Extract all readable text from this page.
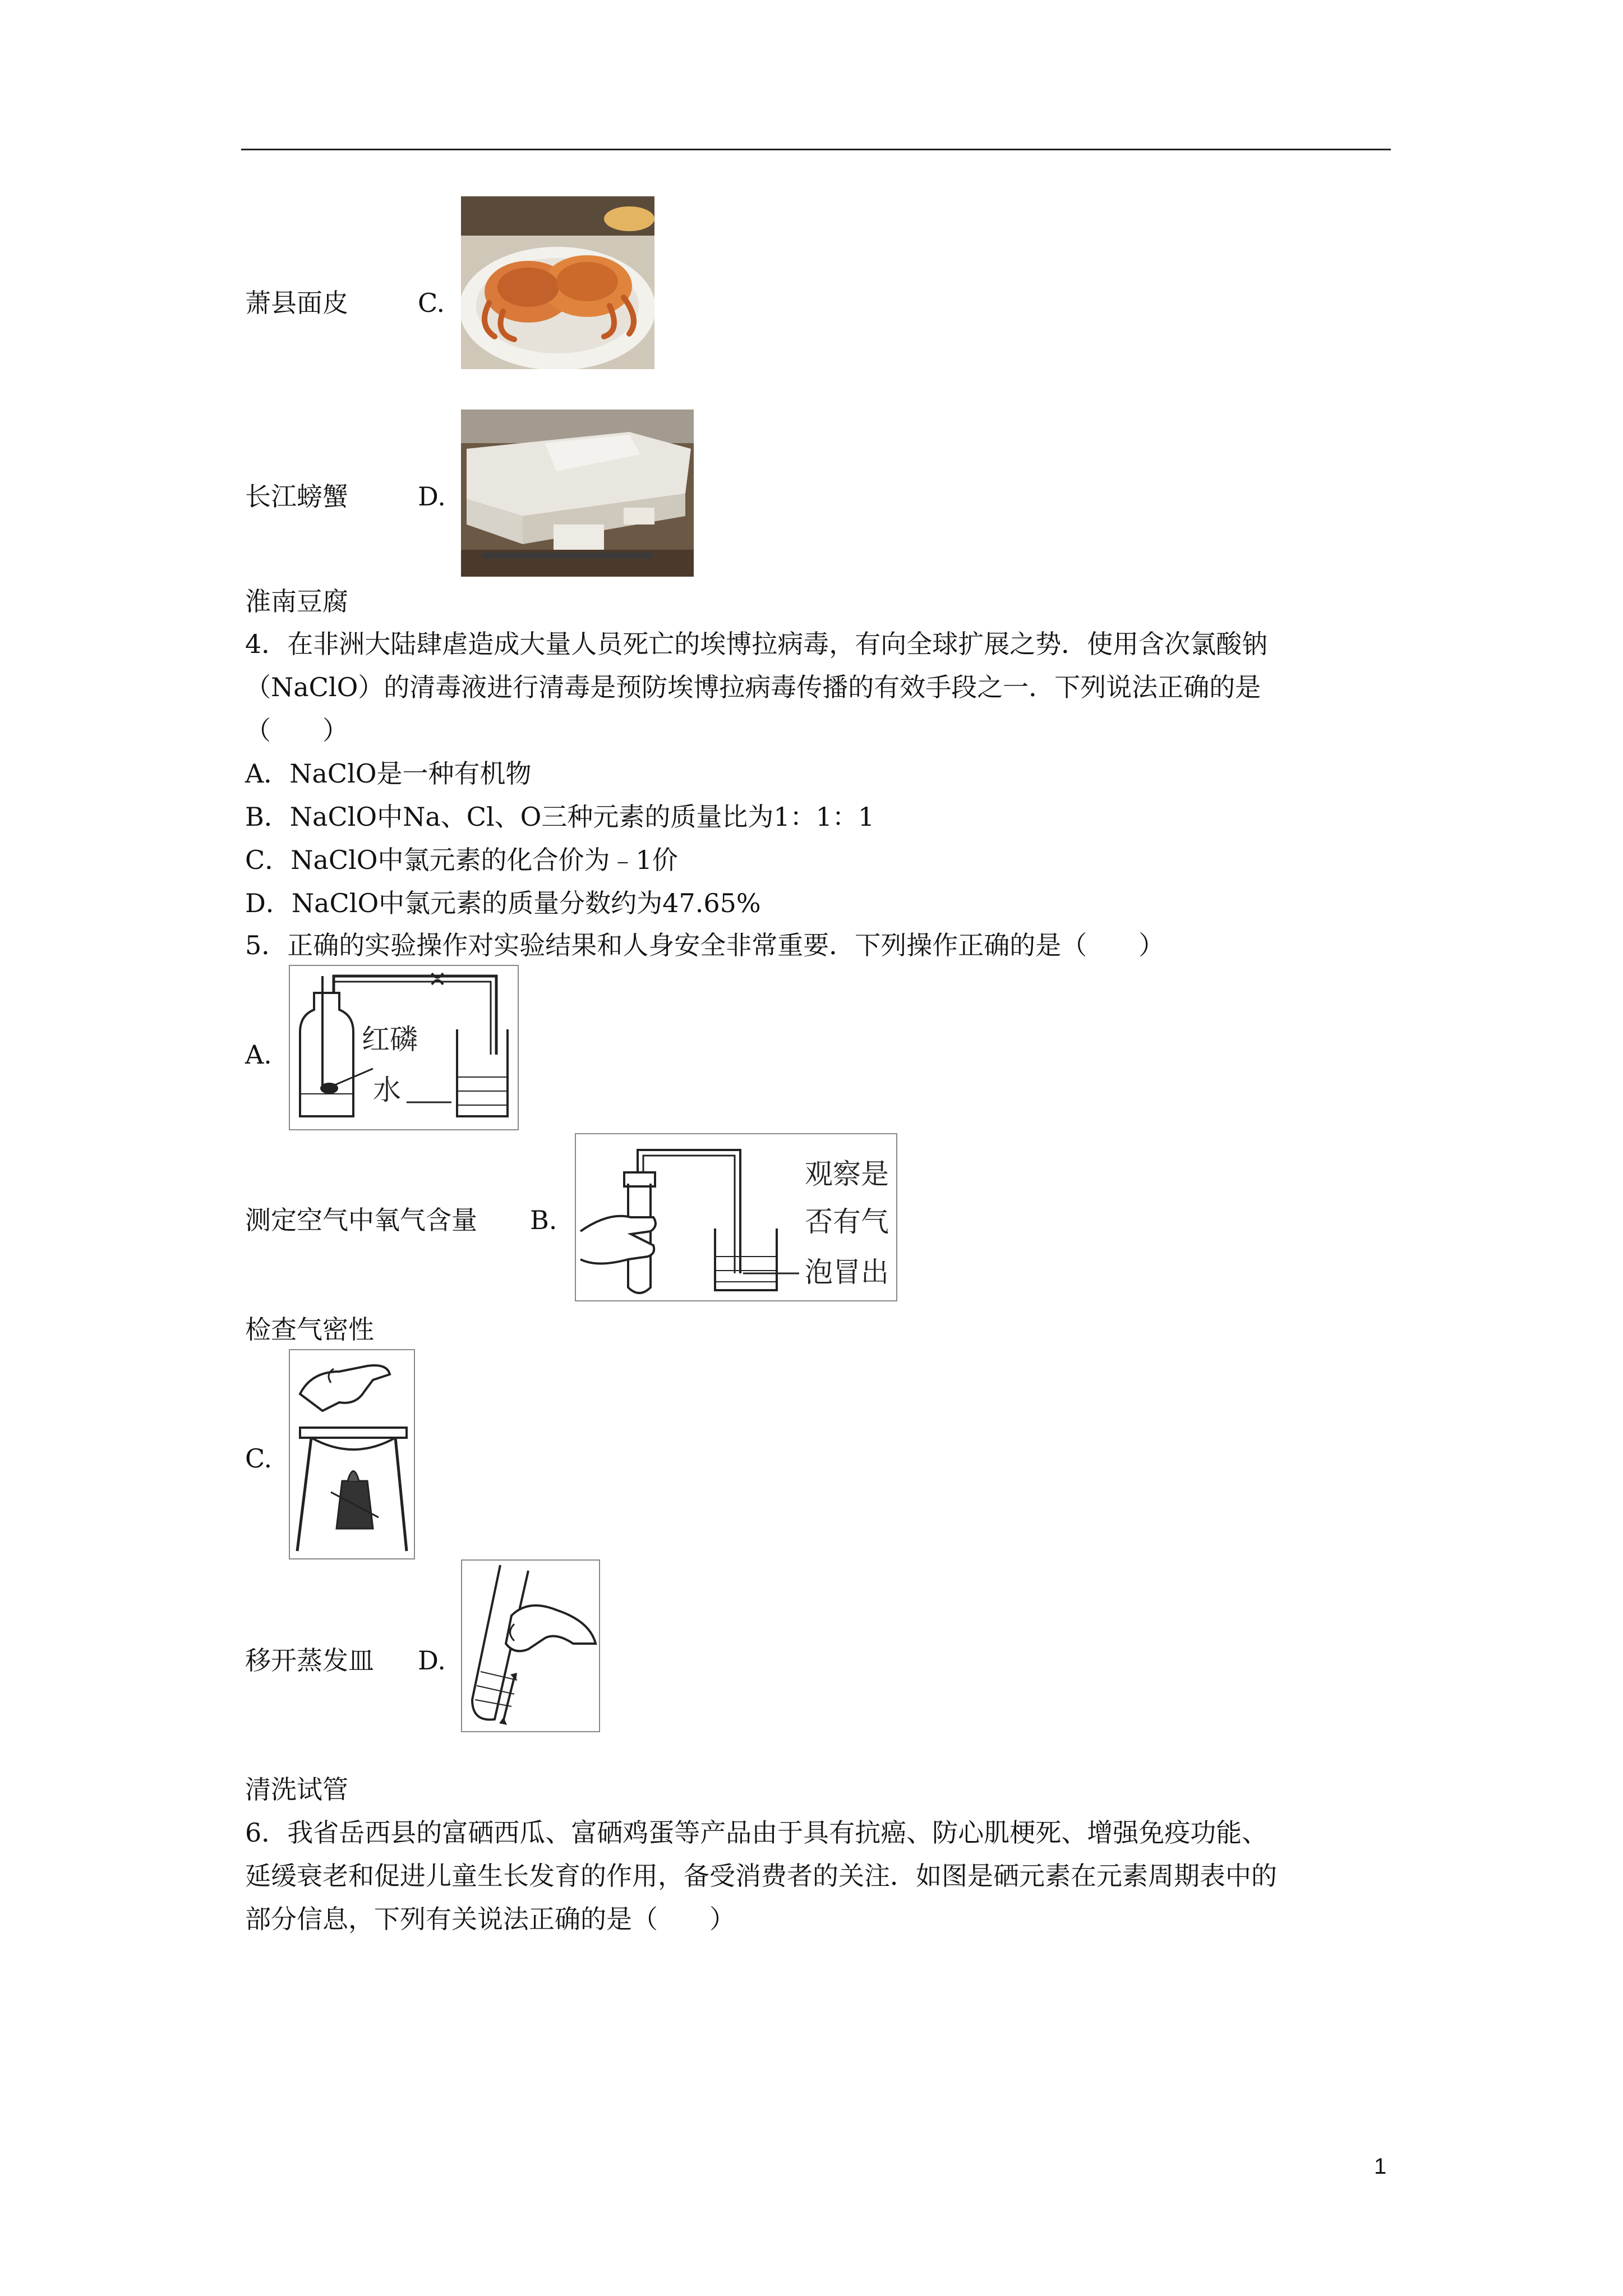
萧县面皮	C.
长江螃蟹	D.
淮南豆腐
4．在非洲大陆肆虐造成大量人员死亡的埃博拉病毒，有向全球扩展之势．使用含次氯酸钠
（NaClO）的清毒液进行清毒是预防埃博拉病毒传播的有效手段之一．下列说法正确的是
（　　）
A．NaClO是一种有机物
B．NaClO中Na、Cl、O三种元素的质量比为1：1：1
C．NaClO中氯元素的化合价为﹣1价
D．NaClO中氯元素的质量分数约为47.65%
5．正确的实验操作对实验结果和人身安全非常重要．下列操作正确的是（　　）
A.	红磷
水
测定空气中氧气含量 B.
观察是
否有气
泡冒出
检查气密性
C.
移开蒸发皿 D.
清洗试管
6．我省岳西县的富硒西瓜、富硒鸡蛋等产品由于具有抗癌、防心肌梗死、增强免疫功能、
延缓衰老和促进儿童生长发育的作用，备受消费者的关注．如图是硒元素在元素周期表中的
部分信息，下列有关说法正确的是（　　）
1
